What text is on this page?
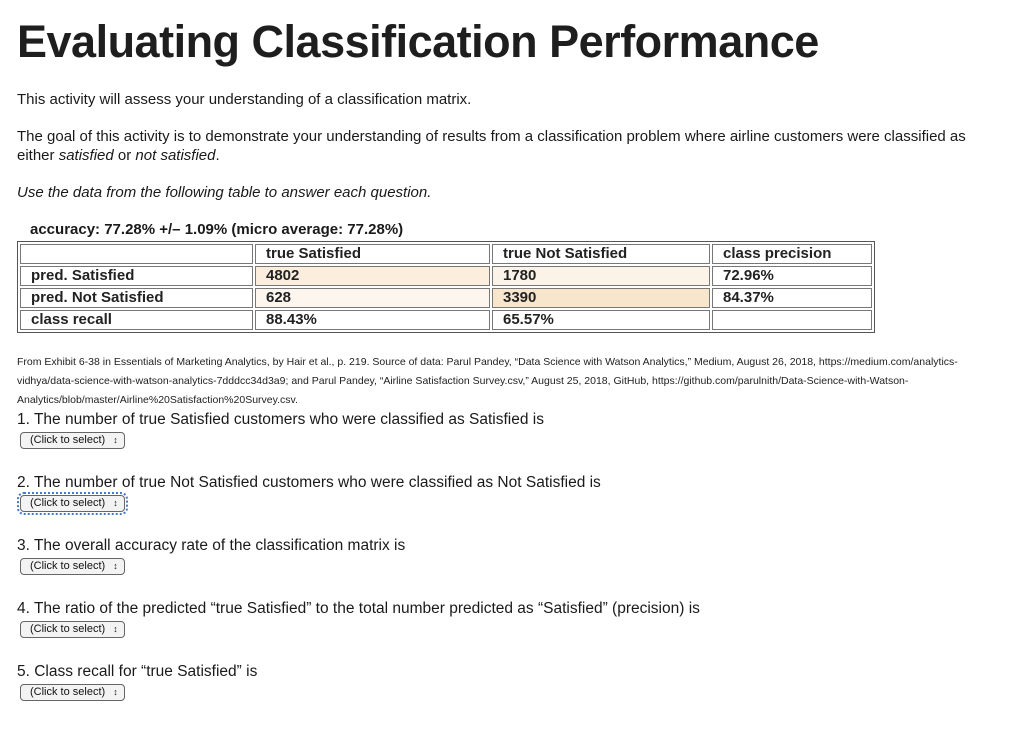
Evaluating Classification Performance

This activity will assess your understanding of a classification matrix.

The goal of this activity is to demonstrate your understanding of results from a classification problem where airline customers were classified as either satisfied or not satisfied.

Use the data from the following table to answer each question.

accuracy: 77.28% +/– 1.09% (micro average: 77.28%)
	true Satisfied	true Not Satisfied	class precision
pred. Satisfied	4802	1780	72.96%
pred. Not Satisfied	628	3390	84.37%
class recall	88.43%	65.57%	
From Exhibit 6-38 in Essentials of Marketing Analytics, by Hair et al., p. 219. Source of data: Parul Pandey, “Data Science with Watson Analytics,” Medium, August 26, 2018, https://medium.com/analytics-vidhya/data-science-with-watson-analytics-7dddcc34d3a9; and Parul Pandey, “Airline Satisfaction Survey.csv,” August 25, 2018, GitHub, https://github.com/parulnith/Data-Science-with-Watson-Analytics/blob/master/Airline%20Satisfaction%20Survey.csv.

1. The number of true Satisfied customers who were classified as Satisfied is

(Click to select) ↕

2. The number of true Not Satisfied customers who were classified as Not Satisfied is

(Click to select) ↕

3. The overall accuracy rate of the classification matrix is

(Click to select) ↕

4. The ratio of the predicted “true Satisfied” to the total number predicted as “Satisfied” (precision) is

(Click to select) ↕

5. Class recall for “true Satisfied” is

(Click to select) ↕
